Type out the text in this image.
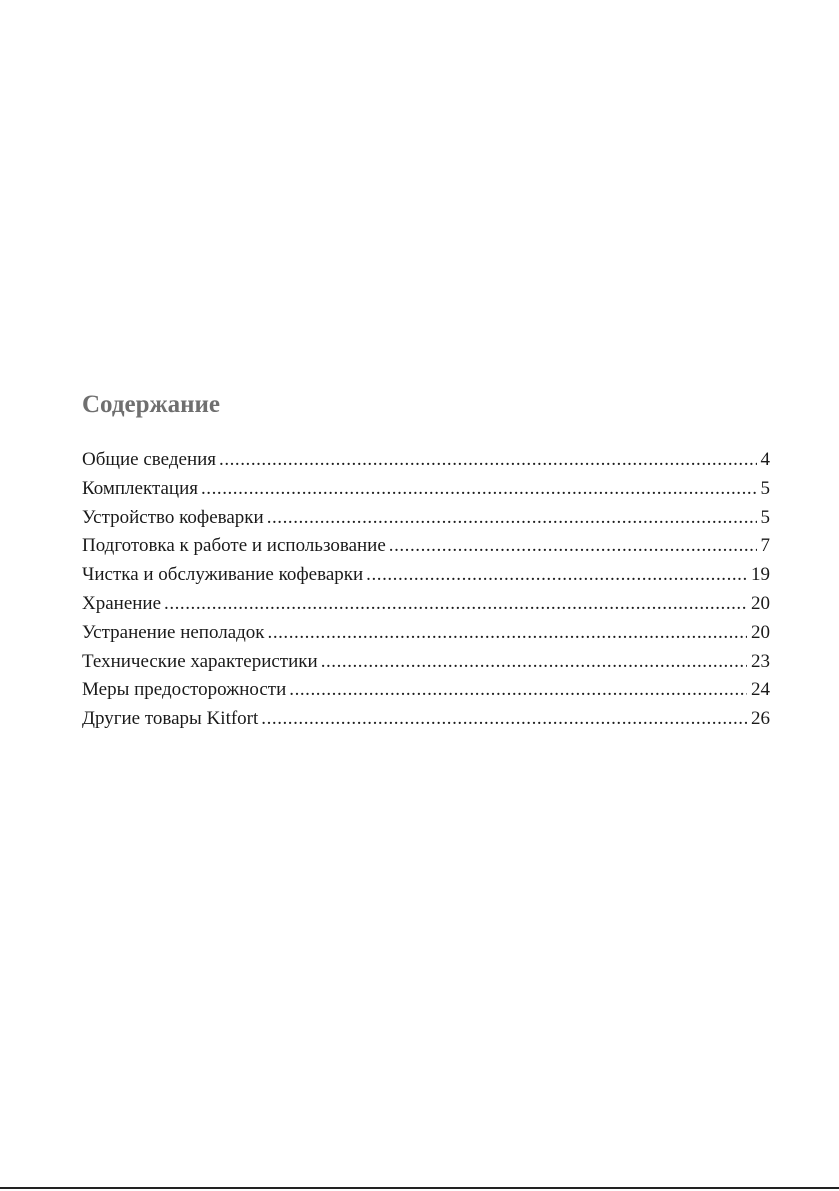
Содержание
Общие сведения . . .	4
Комплектация . . .	5
Устройство кофеварки . . .	5
Подготовка к работе и использование . . .	7
Чистка и обслуживание кофеварки . . .	19
Хранение . . .	20
Устранение неполадок . . .	20
Технические характеристики . . .	23
Меры предосторожности . . .	24
Другие товары Kitfort . . .	26
